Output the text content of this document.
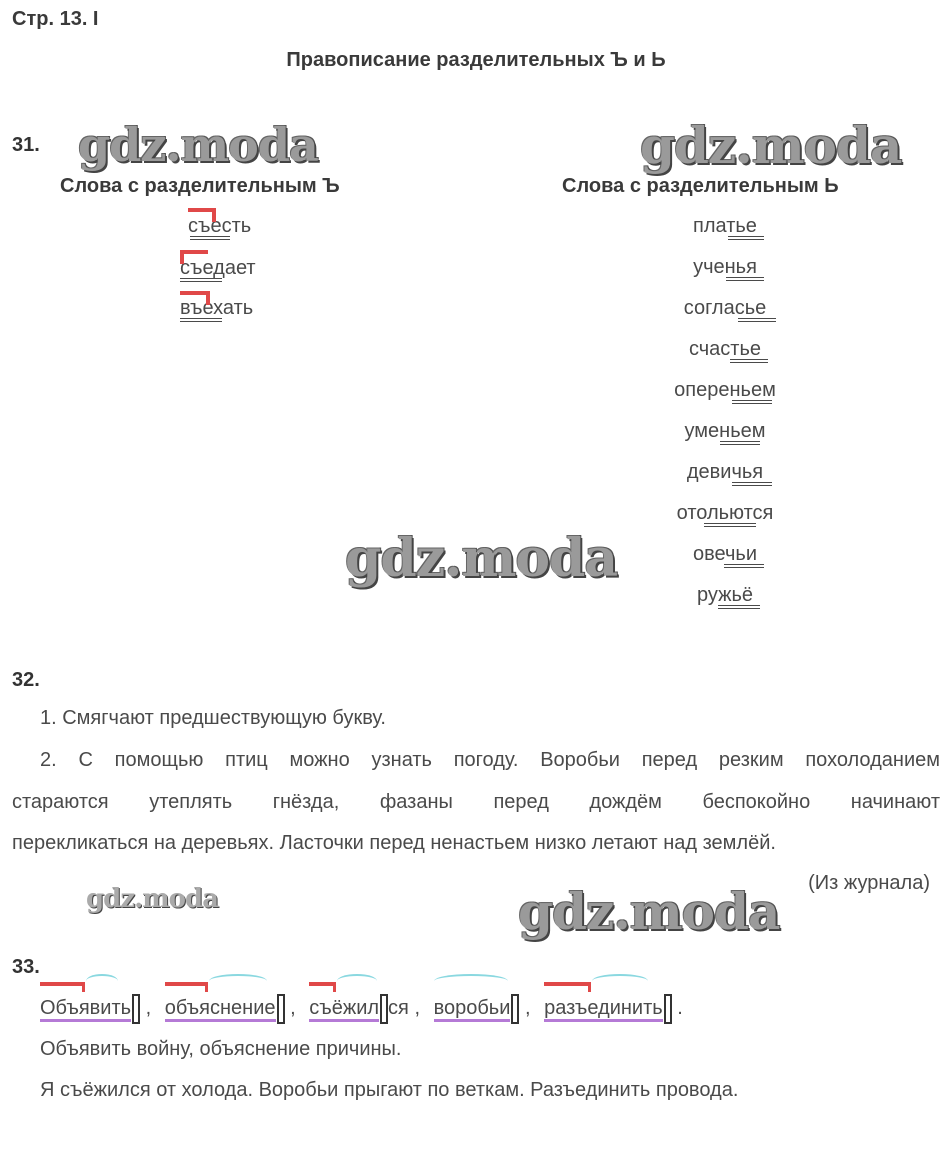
Стр. 13. I
Правописание разделительных Ъ и Ь
gdz.moda	gdz.moda
gdz.moda
gdz.moda	gdz.moda
31.
Слова с разделительным Ъ	Слова с разделительным Ь
съесть
съедает
въехать
платье
ученья
согласье
счастье
опереньем
уменьем
девичья
отольются
овечьи
ружьё
32.
1. Смягчают предшествующую букву.
2. С помощью птиц можно узнать погоду. Воробьи перед резким похолоданием
стараются утеплять гнёзда, фазаны перед дождём беспокойно начинают
перекликаться на деревьях. Ласточки перед ненастьем низко летают над землёй.
(Из журнала)
33.
Объявить , объяснение , съёжил ся , воробьи , разъединить .
Объявить войну, объяснение причины.
Я съёжился от холода. Воробьи прыгают по веткам. Разъединить провода.
